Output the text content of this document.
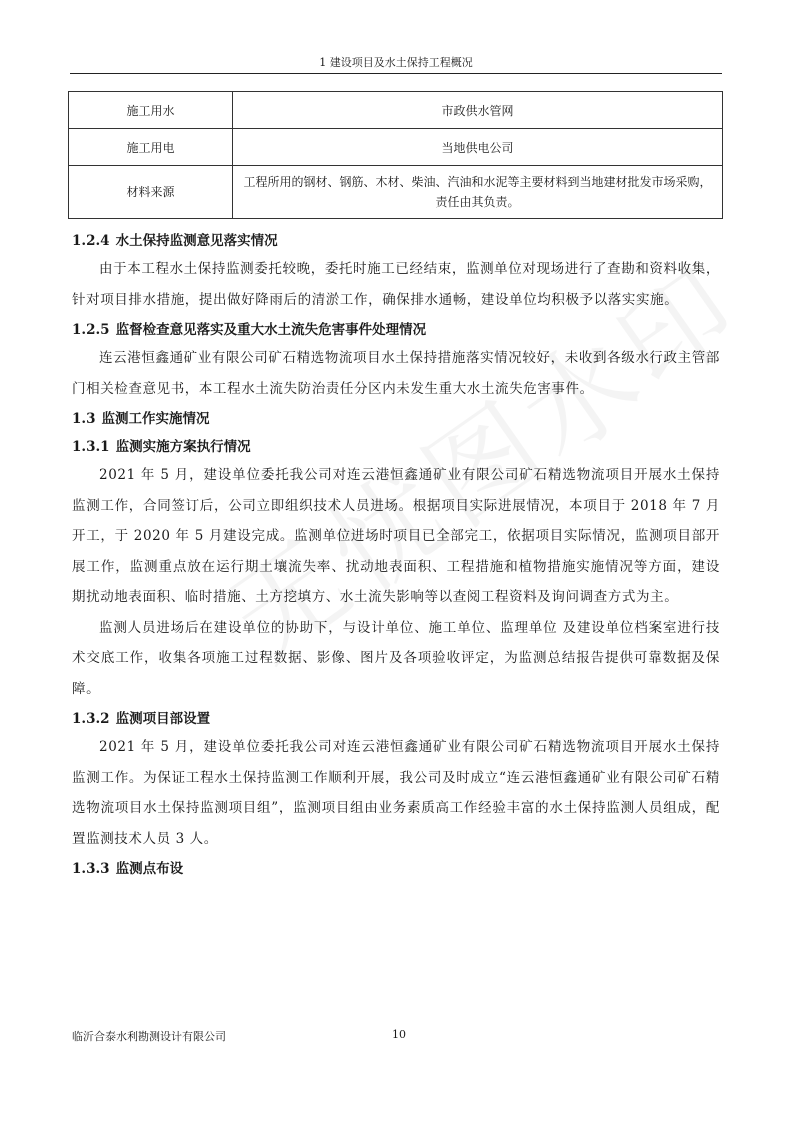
1 建设项目及水土保持工程概况
施工用水	市政供水管网
施工用电	当地供电公司
材料来源	工程所用的钢材、钢筋、木材、柴油、汽油和水泥等主要材料到当地建材批发市场采购，责任由其负责。
1.2.4 水土保持监测意见落实情况

由于本工程水土保持监测委托较晚，委托时施工已经结束，监测单位对现场进行了查勘和资料收集，针对项目排水措施，提出做好降雨后的清淤工作，确保排水通畅，建设单位均积极予以落实实施。

1.2.5 监督检查意见落实及重大水土流失危害事件处理情况

连云港恒鑫通矿业有限公司矿石精选物流项目水土保持措施落实情况较好，未收到各级水行政主管部门相关检查意见书，本工程水土流失防治责任分区内未发生重大水土流失危害事件。

1.3 监测工作实施情况
1.3.1 监测实施方案执行情况

2021 年 5 月，建设单位委托我公司对连云港恒鑫通矿业有限公司矿石精选物流项目开展水土保持监测工作，合同签订后，公司立即组织技术人员进场。根据项目实际进展情况，本项目于 2018 年 7 月开工，于 2020 年 5 月建设完成。监测单位进场时项目已全部完工，依据项目实际情况，监测项目部开展工作，监测重点放在运行期土壤流失率、扰动地表面积、工程措施和植物措施实施情况等方面，建设期扰动地表面积、临时措施、土方挖填方、水土流失影响等以查阅工程资料及询问调查方式为主。

监测人员进场后在建设单位的协助下，与设计单位、施工单位、监理单位 及建设单位档案室进行技术交底工作，收集各项施工过程数据、影像、图片及各项验收评定，为监测总结报告提供可靠数据及保障。

1.3.2 监测项目部设置

2021 年 5 月，建设单位委托我公司对连云港恒鑫通矿业有限公司矿石精选物流项目开展水土保持监测工作。为保证工程水土保持监测工作顺利开展，我公司及时成立“连云港恒鑫通矿业有限公司矿石精选物流项目水土保持监测项目组”，监测项目组由业务素质高工作经验丰富的水土保持监测人员组成，配置监测技术人员 3 人。

1.3.3 监测点布设
临沂合泰水利勘测设计有限公司	10
